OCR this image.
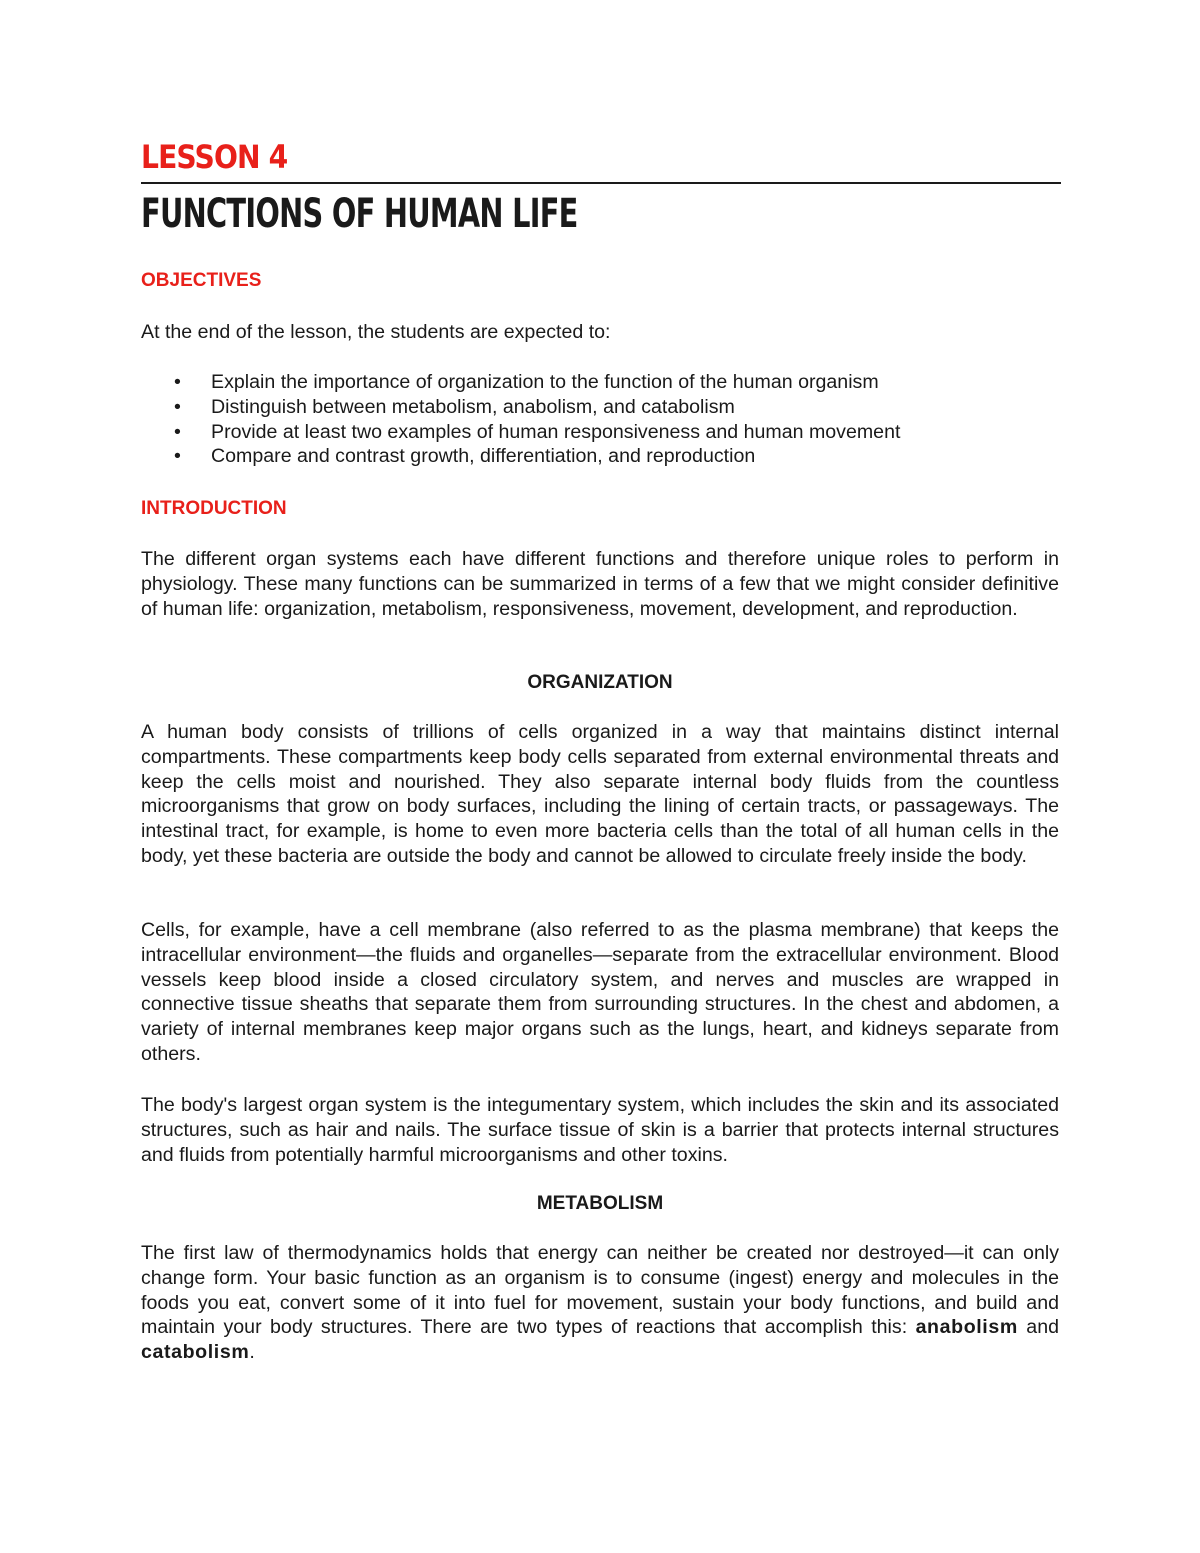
LESSON 4
FUNCTIONS OF HUMAN LIFE
OBJECTIVES
At the end of the lesson, the students are expected to:
• Explain the importance of organization to the function of the human organism
• Distinguish between metabolism, anabolism, and catabolism
• Provide at least two examples of human responsiveness and human movement
• Compare and contrast growth, differentiation, and reproduction
INTRODUCTION
The different organ systems each have different functions and therefore unique roles to perform in physiology. These many functions can be summarized in terms of a few that we might consider definitive of human life: organization, metabolism, responsiveness, movement, development, and reproduction.
ORGANIZATION
A human body consists of trillions of cells organized in a way that maintains distinct internal compartments. These compartments keep body cells separated from external environmental threats and keep the cells moist and nourished. They also separate internal body fluids from the countless microorganisms that grow on body surfaces, including the lining of certain tracts, or passageways. The intestinal tract, for example, is home to even more bacteria cells than the total of all human cells in the body, yet these bacteria are outside the body and cannot be allowed to circulate freely inside the body.
Cells, for example, have a cell membrane (also referred to as the plasma membrane) that keeps the intracellular environment—the fluids and organelles—separate from the extracellular environment. Blood vessels keep blood inside a closed circulatory system, and nerves and muscles are wrapped in connective tissue sheaths that separate them from surrounding structures. In the chest and abdomen, a variety of internal membranes keep major organs such as the lungs, heart, and kidneys separate from others.
The body's largest organ system is the integumentary system, which includes the skin and its associated structures, such as hair and nails. The surface tissue of skin is a barrier that protects internal structures and fluids from potentially harmful microorganisms and other toxins.
METABOLISM
The first law of thermodynamics holds that energy can neither be created nor destroyed—it can only change form. Your basic function as an organism is to consume (ingest) energy and molecules in the foods you eat, convert some of it into fuel for movement, sustain your body functions, and build and maintain your body structures. There are two types of reactions that accomplish this: anabolism and catabolism.
